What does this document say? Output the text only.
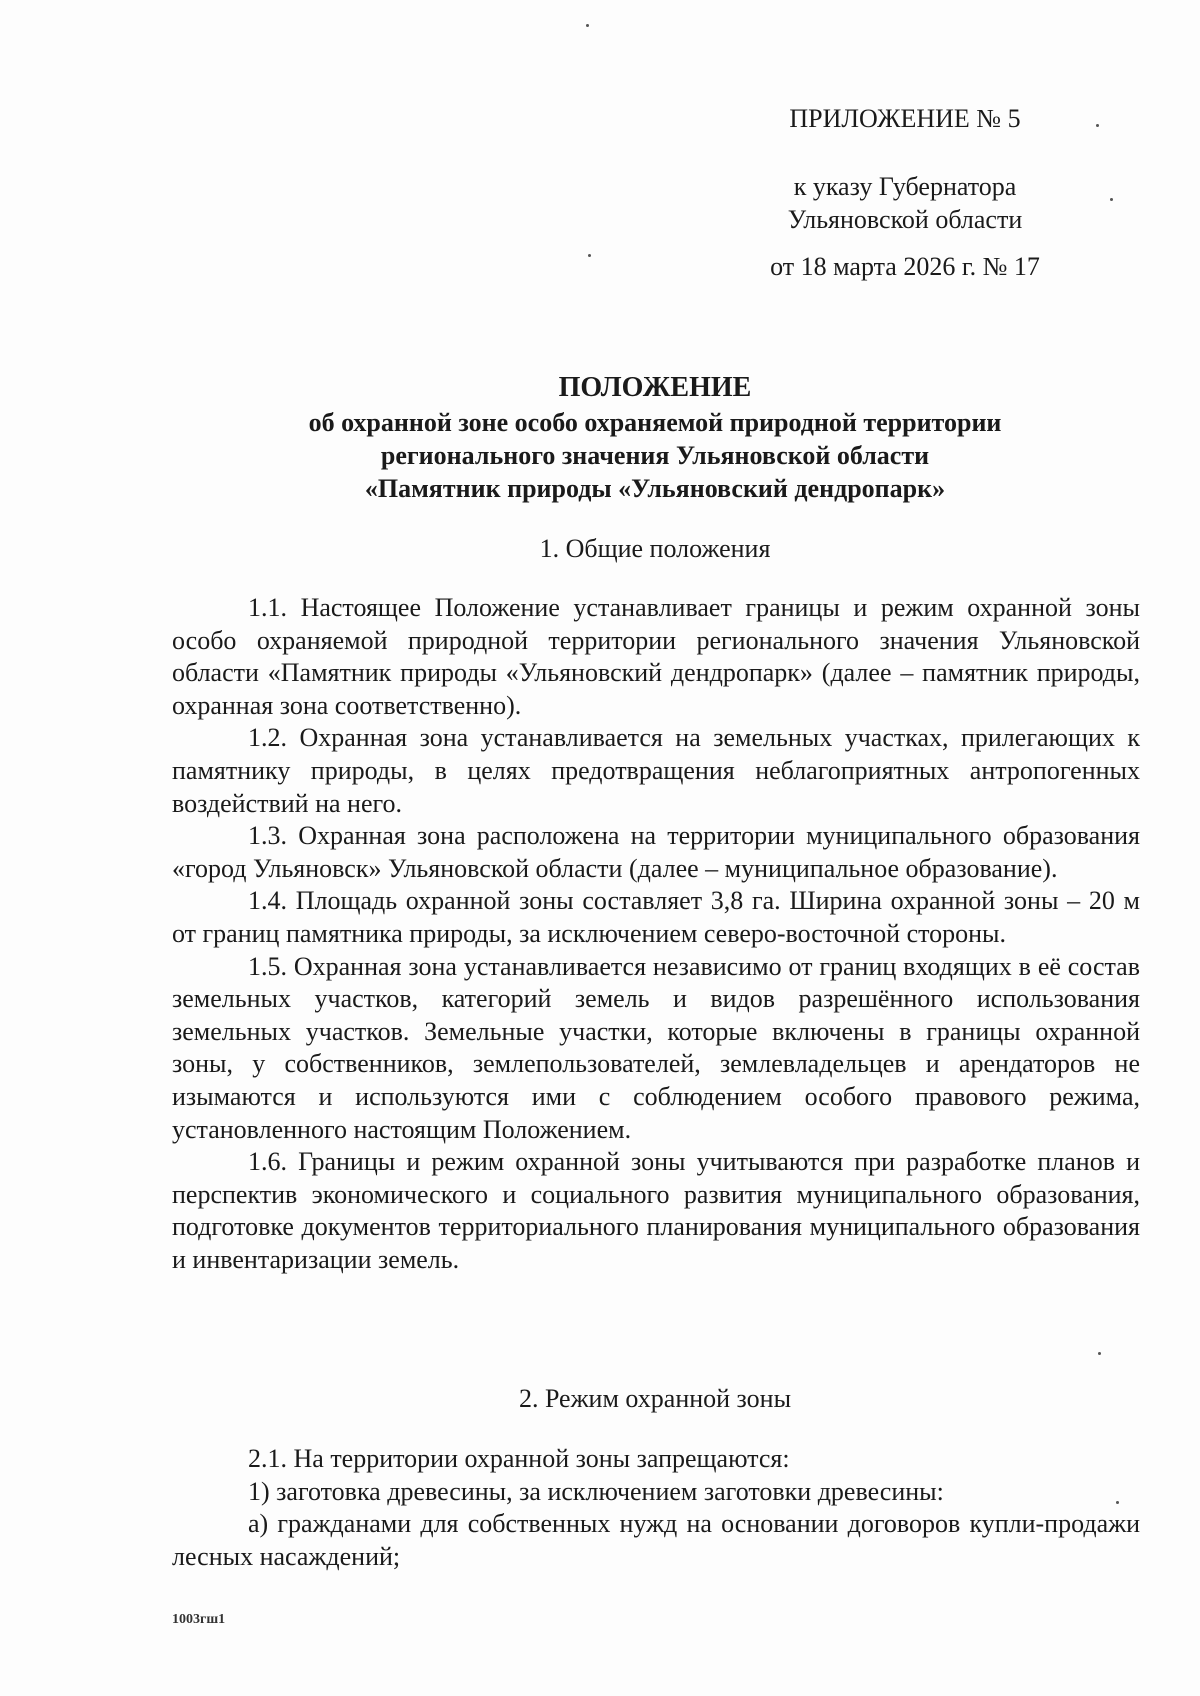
ПРИЛОЖЕНИЕ № 5

к указу Губернатора
Ульяновской области

от 18 марта 2026 г. № 17

ПОЛОЖЕНИЕ
об охранной зоне особо охраняемой природной территории
регионального значения Ульяновской области
«Памятник природы «Ульяновский дендропарк»
1. Общие положения

1.1. Настоящее Положение устанавливает границы и режим охранной зоны особо охраняемой природной территории регионального значения Ульяновской области «Памятник природы «Ульяновский дендропарк» (далее – памятник природы, охранная зона соответственно).

1.2. Охранная зона устанавливается на земельных участках, прилегающих к памятнику природы, в целях предотвращения неблагоприятных антропогенных воздействий на него.

1.3. Охранная зона расположена на территории муниципального образования «город Ульяновск» Ульяновской области (далее – муниципальное образование).

1.4. Площадь охранной зоны составляет 3,8 га. Ширина охранной зоны – 20 м от границ памятника природы, за исключением северо-восточной стороны.

1.5. Охранная зона устанавливается независимо от границ входящих в её состав земельных участков, категорий земель и видов разрешённого использования земельных участков. Земельные участки, которые включены в границы охранной зоны, у собственников, землепользователей, землевладельцев и арендаторов не изымаются и используются ими с соблюдением особого правового режима, установленного настоящим Положением.

1.6. Границы и режим охранной зоны учитываются при разработке планов и перспектив экономического и социального развития муниципального образования, подготовке документов территориального планирования муниципального образования и инвентаризации земель.

2. Режим охранной зоны

2.1. На территории охранной зоны запрещаются:

1) заготовка древесины, за исключением заготовки древесины:

а) гражданами для собственных нужд на основании договоров купли-продажи лесных насаждений;

1003гш1
